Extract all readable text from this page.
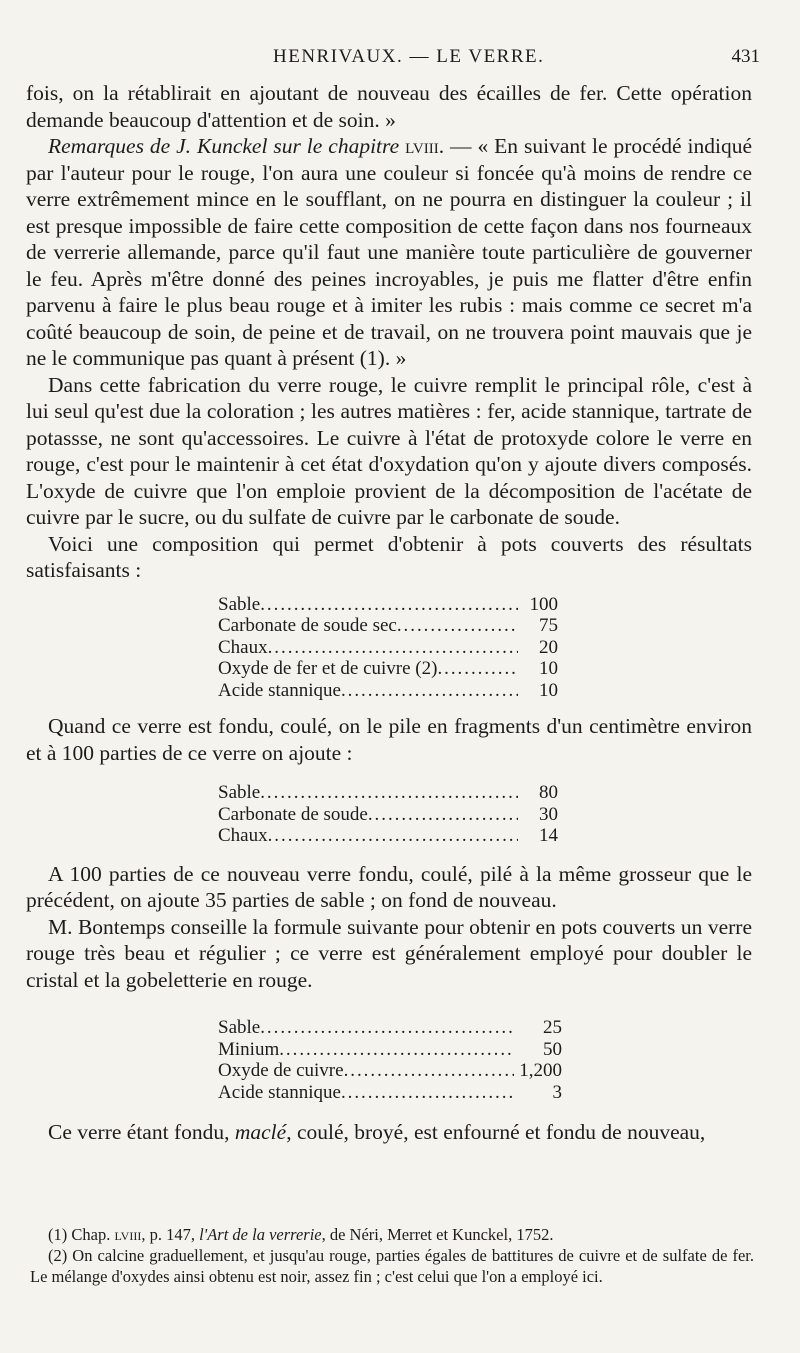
HENRIVAUX. — LE VERRE.	431

fois, on la rétablirait en ajoutant de nouveau des écailles de fer. Cette opération demande beaucoup d'attention et de soin. »

Remarques de J. Kunckel sur le chapitre lviii. — « En suivant le procédé indiqué par l'auteur pour le rouge, l'on aura une couleur si foncée qu'à moins de rendre ce verre extrêmement mince en le soufflant, on ne pourra en distinguer la couleur ; il est presque impossible de faire cette composition de cette façon dans nos fourneaux de verrerie allemande, parce qu'il faut une manière toute particulière de gouverner le feu. Après m'être donné des peines incroyables, je puis me flatter d'être enfin parvenu à faire le plus beau rouge et à imiter les rubis : mais comme ce secret m'a coûté beaucoup de soin, de peine et de travail, on ne trouvera point mauvais que je ne le communique pas quant à présent (1). »

Dans cette fabrication du verre rouge, le cuivre remplit le principal rôle, c'est à lui seul qu'est due la coloration ; les autres matières : fer, acide stannique, tartrate de potassse, ne sont qu'accessoires. Le cuivre à l'état de protoxyde colore le verre en rouge, c'est pour le maintenir à cet état d'oxydation qu'on y ajoute divers composés. L'oxyde de cuivre que l'on emploie provient de la décomposition de l'acétate de cuivre par le sucre, ou du sulfate de cuivre par le carbonate de soude.

Voici une composition qui permet d'obtenir à pots couverts des résultats satisfaisants :

Sable . . .	100
Carbonate de soude sec . . .	75
Chaux . . .	20
Oxyde de fer et de cuivre (2) . . .	10
Acide stannique . . .	10

Quand ce verre est fondu, coulé, on le pile en fragments d'un centimètre environ et à 100 parties de ce verre on ajoute :

Sable . . .	80
Carbonate de soude . . .	30
Chaux . . .	14

A 100 parties de ce nouveau verre fondu, coulé, pilé à la même grosseur que le précédent, on ajoute 35 parties de sable ; on fond de nouveau.

M. Bontemps conseille la formule suivante pour obtenir en pots couverts un verre rouge très beau et régulier ; ce verre est généralement employé pour doubler le cristal et la gobeletterie en rouge.

Sable . . .	25
Minium . . .	50
Oxyde de cuivre . . .	1,200
Acide stannique . . .	3

Ce verre étant fondu, maclé, coulé, broyé, est enfourné et fondu de nouveau,

(1) Chap. lviii, p. 147, l'Art de la verrerie, de Néri, Merret et Kunckel, 1752.

(2) On calcine graduellement, et jusqu'au rouge, parties égales de battitures de cuivre et de sulfate de fer. Le mélange d'oxydes ainsi obtenu est noir, assez fin ; c'est celui que l'on a employé ici.
